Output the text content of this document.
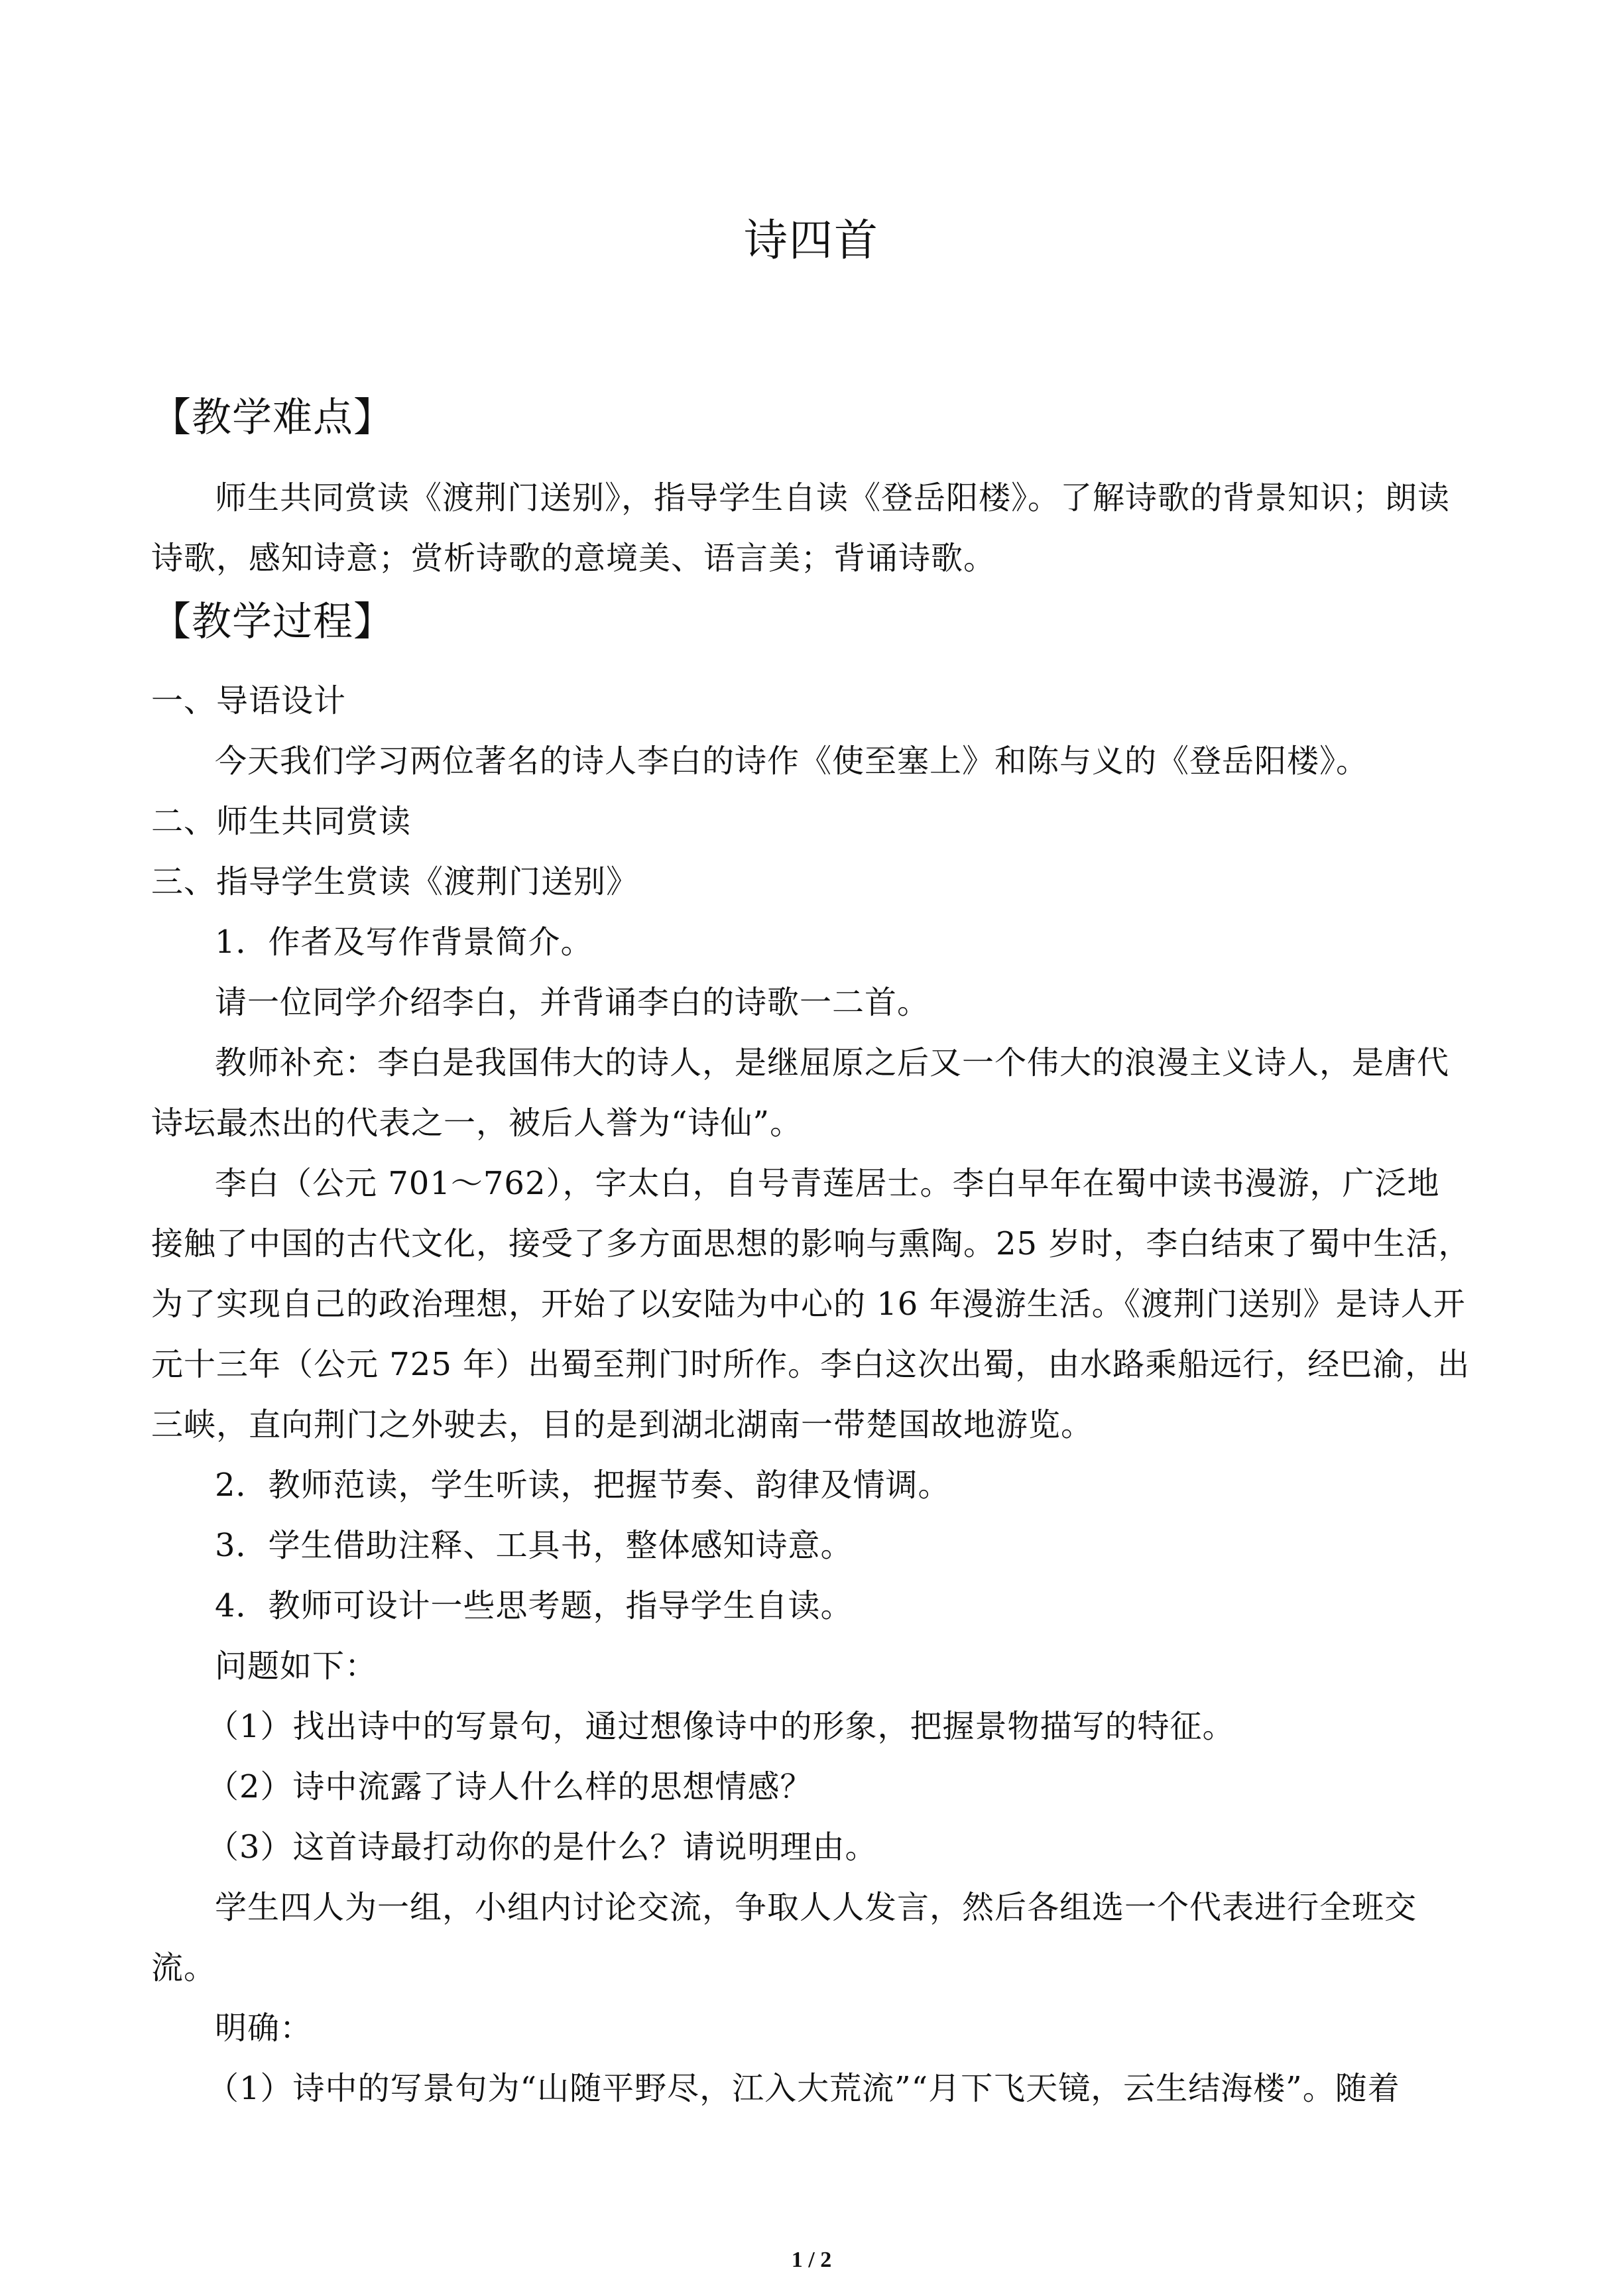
诗四首
【教学难点】

师生共同赏读《渡荆门送别》，指导学生自读《登岳阳楼》。了解诗歌的背景知识；朗读诗歌，感知诗意；赏析诗歌的意境美、语言美；背诵诗歌。

【教学过程】

一、导语设计

今天我们学习两位著名的诗人李白的诗作《使至塞上》和陈与义的《登岳阳楼》。

二、师生共同赏读

三、指导学生赏读《渡荆门送别》

1．作者及写作背景简介。

请一位同学介绍李白，并背诵李白的诗歌一二首。

教师补充：李白是我国伟大的诗人，是继屈原之后又一个伟大的浪漫主义诗人，是唐代诗坛最杰出的代表之一，被后人誉为“诗仙”。

李白（公元 701～762），字太白，自号青莲居士。李白早年在蜀中读书漫游，广泛地接触了中国的古代文化，接受了多方面思想的影响与熏陶。25 岁时，李白结束了蜀中生活，为了实现自己的政治理想，开始了以安陆为中心的 16 年漫游生活。《渡荆门送别》是诗人开元十三年（公元 725 年）出蜀至荆门时所作。李白这次出蜀，由水路乘船远行，经巴渝，出三峡，直向荆门之外驶去，目的是到湖北湖南一带楚国故地游览。

2．教师范读，学生听读，把握节奏、韵律及情调。

3．学生借助注释、工具书，整体感知诗意。

4．教师可设计一些思考题，指导学生自读。

问题如下：

（1）找出诗中的写景句，通过想像诗中的形象，把握景物描写的特征。

（2）诗中流露了诗人什么样的思想情感？

（3）这首诗最打动你的是什么？请说明理由。

学生四人为一组，小组内讨论交流，争取人人发言，然后各组选一个代表进行全班交流。

明确：

（1）诗中的写景句为“山随平野尽，江入大荒流”“月下飞天镜，云生结海楼”。随着

1 / 2
